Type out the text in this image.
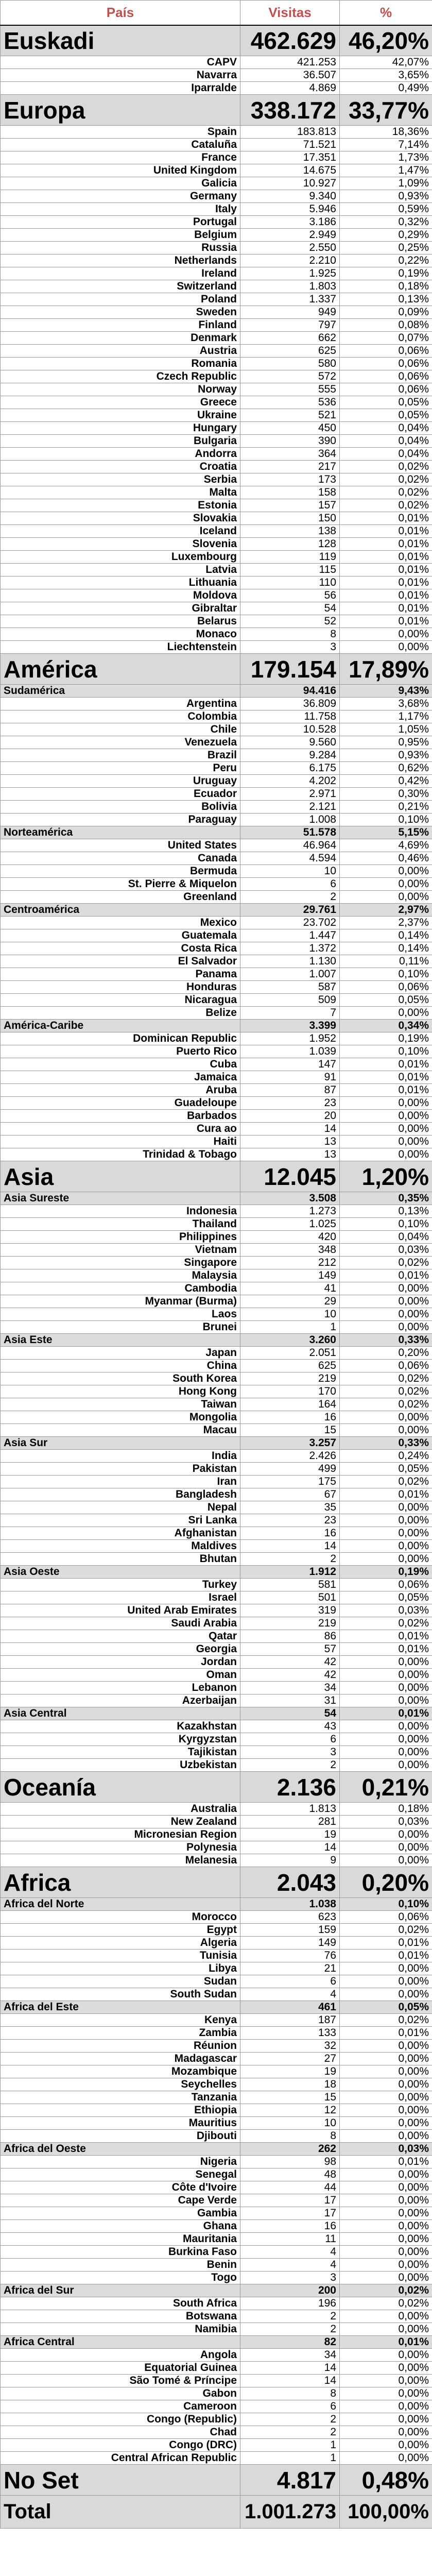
País	Visitas	%
Euskadi	462.629	46,20%
CAPV	421.253	42,07%
Navarra	36.507	3,65%
Iparralde	4.869	0,49%
Europa	338.172	33,77%
Spain	183.813	18,36%
Cataluña	71.521	7,14%
France	17.351	1,73%
United Kingdom	14.675	1,47%
Galicia	10.927	1,09%
Germany	9.340	0,93%
Italy	5.946	0,59%
Portugal	3.186	0,32%
Belgium	2.949	0,29%
Russia	2.550	0,25%
Netherlands	2.210	0,22%
Ireland	1.925	0,19%
Switzerland	1.803	0,18%
Poland	1.337	0,13%
Sweden	949	0,09%
Finland	797	0,08%
Denmark	662	0,07%
Austria	625	0,06%
Romania	580	0,06%
Czech Republic	572	0,06%
Norway	555	0,06%
Greece	536	0,05%
Ukraine	521	0,05%
Hungary	450	0,04%
Bulgaria	390	0,04%
Andorra	364	0,04%
Croatia	217	0,02%
Serbia	173	0,02%
Malta	158	0,02%
Estonia	157	0,02%
Slovakia	150	0,01%
Iceland	138	0,01%
Slovenia	128	0,01%
Luxembourg	119	0,01%
Latvia	115	0,01%
Lithuania	110	0,01%
Moldova	56	0,01%
Gibraltar	54	0,01%
Belarus	52	0,01%
Monaco	8	0,00%
Liechtenstein	3	0,00%
América	179.154	17,89%
Sudamérica	94.416	9,43%
Argentina	36.809	3,68%
Colombia	11.758	1,17%
Chile	10.528	1,05%
Venezuela	9.560	0,95%
Brazil	9.284	0,93%
Peru	6.175	0,62%
Uruguay	4.202	0,42%
Ecuador	2.971	0,30%
Bolivia	2.121	0,21%
Paraguay	1.008	0,10%
Norteamérica	51.578	5,15%
United States	46.964	4,69%
Canada	4.594	0,46%
Bermuda	10	0,00%
St. Pierre & Miquelon	6	0,00%
Greenland	2	0,00%
Centroamérica	29.761	2,97%
Mexico	23.702	2,37%
Guatemala	1.447	0,14%
Costa Rica	1.372	0,14%
El Salvador	1.130	0,11%
Panama	1.007	0,10%
Honduras	587	0,06%
Nicaragua	509	0,05%
Belize	7	0,00%
América-Caribe	3.399	0,34%
Dominican Republic	1.952	0,19%
Puerto Rico	1.039	0,10%
Cuba	147	0,01%
Jamaica	91	0,01%
Aruba	87	0,01%
Guadeloupe	23	0,00%
Barbados	20	0,00%
Cura ao	14	0,00%
Haiti	13	0,00%
Trinidad & Tobago	13	0,00%
Asia	12.045	1,20%
Asia Sureste	3.508	0,35%
Indonesia	1.273	0,13%
Thailand	1.025	0,10%
Philippines	420	0,04%
Vietnam	348	0,03%
Singapore	212	0,02%
Malaysia	149	0,01%
Cambodia	41	0,00%
Myanmar (Burma)	29	0,00%
Laos	10	0,00%
Brunei	1	0,00%
Asia Este	3.260	0,33%
Japan	2.051	0,20%
China	625	0,06%
South Korea	219	0,02%
Hong Kong	170	0,02%
Taiwan	164	0,02%
Mongolia	16	0,00%
Macau	15	0,00%
Asia Sur	3.257	0,33%
India	2.426	0,24%
Pakistan	499	0,05%
Iran	175	0,02%
Bangladesh	67	0,01%
Nepal	35	0,00%
Sri Lanka	23	0,00%
Afghanistan	16	0,00%
Maldives	14	0,00%
Bhutan	2	0,00%
Asia Oeste	1.912	0,19%
Turkey	581	0,06%
Israel	501	0,05%
United Arab Emirates	319	0,03%
Saudi Arabia	219	0,02%
Qatar	86	0,01%
Georgia	57	0,01%
Jordan	42	0,00%
Oman	42	0,00%
Lebanon	34	0,00%
Azerbaijan	31	0,00%
Asia Central	54	0,01%
Kazakhstan	43	0,00%
Kyrgyzstan	6	0,00%
Tajikistan	3	0,00%
Uzbekistan	2	0,00%
Oceanía	2.136	0,21%
Australia	1.813	0,18%
New Zealand	281	0,03%
Micronesian Region	19	0,00%
Polynesia	14	0,00%
Melanesia	9	0,00%
Africa	2.043	0,20%
Africa del Norte	1.038	0,10%
Morocco	623	0,06%
Egypt	159	0,02%
Algeria	149	0,01%
Tunisia	76	0,01%
Libya	21	0,00%
Sudan	6	0,00%
South Sudan	4	0,00%
Africa del Este	461	0,05%
Kenya	187	0,02%
Zambia	133	0,01%
Réunion	32	0,00%
Madagascar	27	0,00%
Mozambique	19	0,00%
Seychelles	18	0,00%
Tanzania	15	0,00%
Ethiopia	12	0,00%
Mauritius	10	0,00%
Djibouti	8	0,00%
Africa del Oeste	262	0,03%
Nigeria	98	0,01%
Senegal	48	0,00%
Côte d'Ivoire	44	0,00%
Cape Verde	17	0,00%
Gambia	17	0,00%
Ghana	16	0,00%
Mauritania	11	0,00%
Burkina Faso	4	0,00%
Benin	4	0,00%
Togo	3	0,00%
Africa del Sur	200	0,02%
South Africa	196	0,02%
Botswana	2	0,00%
Namibia	2	0,00%
Africa Central	82	0,01%
Angola	34	0,00%
Equatorial Guinea	14	0,00%
São Tomé & Príncipe	14	0,00%
Gabon	8	0,00%
Cameroon	6	0,00%
Congo (Republic)	2	0,00%
Chad	2	0,00%
Congo (DRC)	1	0,00%
Central African Republic	1	0,00%
No Set	4.817	0,48%
Total	1.001.273	100,00%
